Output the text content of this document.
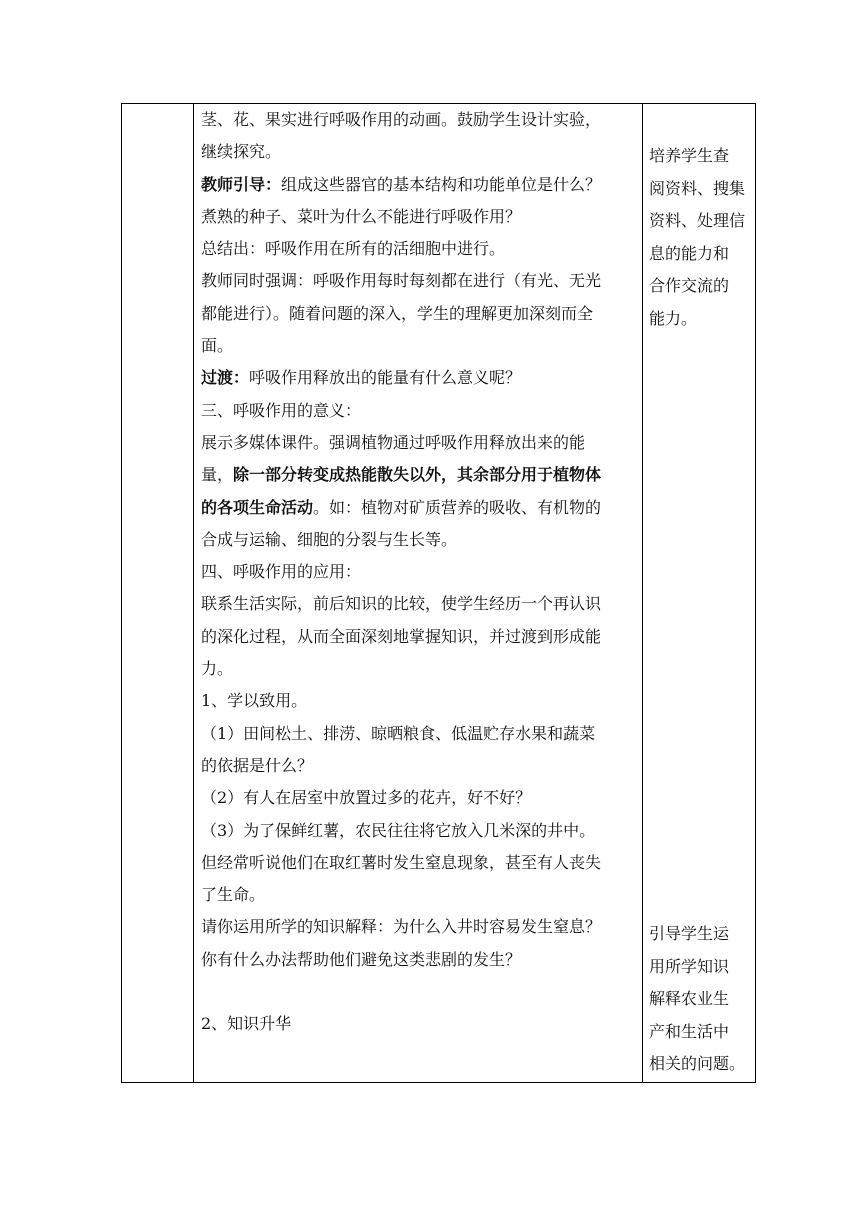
茎、花、果实进行呼吸作用的动画。鼓励学生设计实验，

继续探究。

教师引导：组成这些器官的基本结构和功能单位是什么？

煮熟的种子、菜叶为什么不能进行呼吸作用？

总结出：呼吸作用在所有的活细胞中进行。

教师同时强调：呼吸作用每时每刻都在进行（有光、无光

都能进行）。随着问题的深入，学生的理解更加深刻而全

面。

过渡：呼吸作用释放出的能量有什么意义呢？

三、呼吸作用的意义：

展示多媒体课件。强调植物通过呼吸作用释放出来的能

量，除一部分转变成热能散失以外，其余部分用于植物体

的各项生命活动。如：植物对矿质营养的吸收、有机物的

合成与运输、细胞的分裂与生长等。

四、呼吸作用的应用：

联系生活实际，前后知识的比较，使学生经历一个再认识

的深化过程，从而全面深刻地掌握知识，并过渡到形成能

力。

1、学以致用。

（1）田间松土、排涝、晾晒粮食、低温贮存水果和蔬菜

的依据是什么？

（2）有人在居室中放置过多的花卉，好不好？

（3）为了保鲜红薯，农民往往将它放入几米深的井中。

但经常听说他们在取红薯时发生窒息现象，甚至有人丧失

了生命。

请你运用所学的知识解释：为什么入井时容易发生窒息？

你有什么办法帮助他们避免这类悲剧的发生？

2、知识升华

培养学生查

阅资料、搜集

资料、处理信

息的能力和

合作交流的

能力。

引导学生运

用所学知识

解释农业生

产和生活中

相关的问题。
